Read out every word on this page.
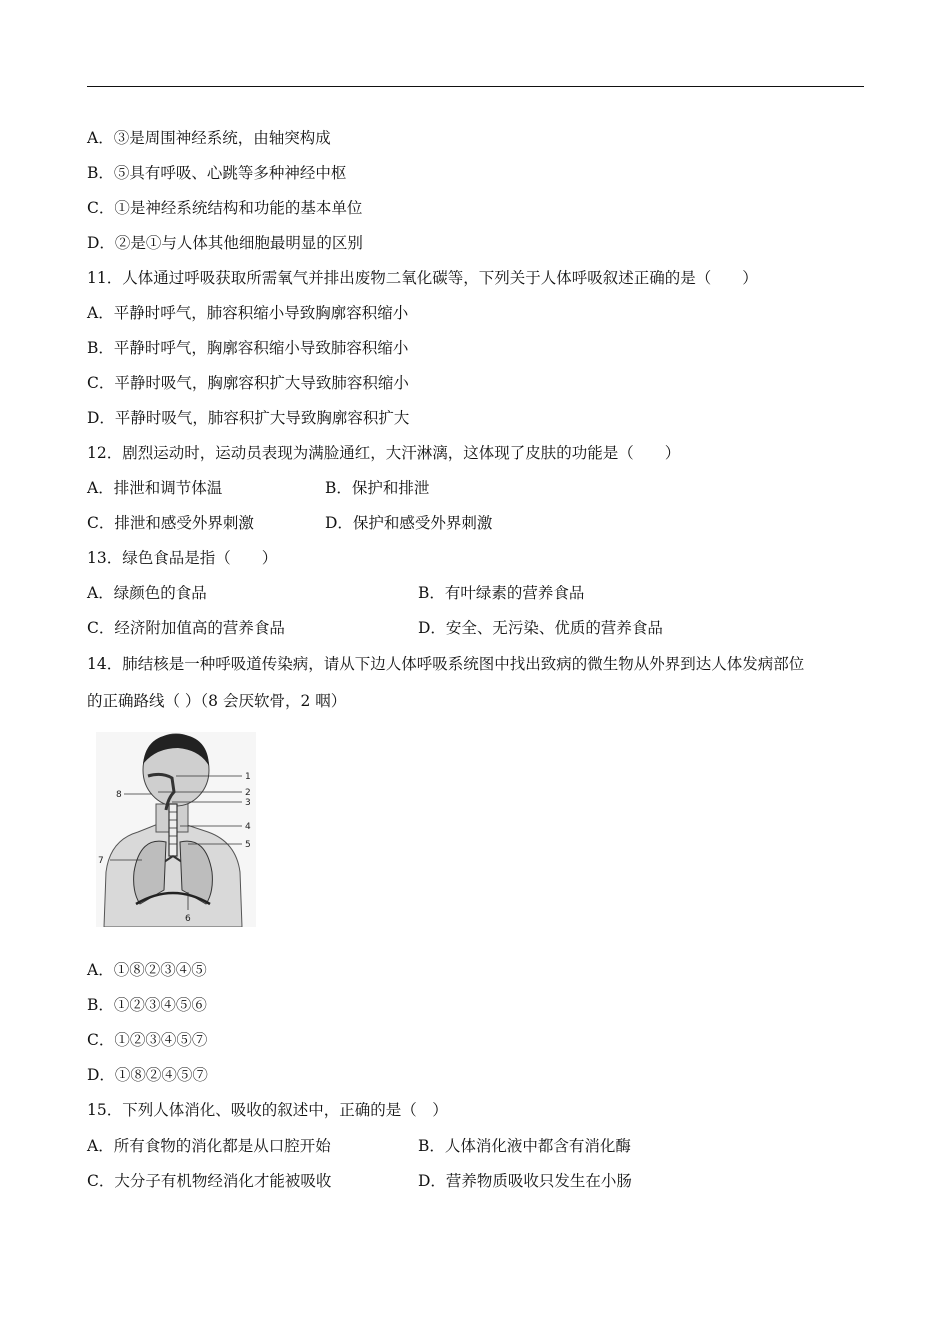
A．③是周围神经系统，由轴突构成
B．⑤具有呼吸、心跳等多种神经中枢
C．①是神经系统结构和功能的基本单位
D．②是①与人体其他细胞最明显的区别
11．人体通过呼吸获取所需氧气并排出废物二氧化碳等，下列关于人体呼吸叙述正确的是（　　）
A．平静时呼气，肺容积缩小导致胸廓容积缩小
B．平静时呼气，胸廓容积缩小导致肺容积缩小
C．平静时吸气，胸廓容积扩大导致肺容积缩小
D．平静时吸气，肺容积扩大导致胸廓容积扩大
12．剧烈运动时，运动员表现为满脸通红，大汗淋漓，这体现了皮肤的功能是（　　）
A．排泄和调节体温	B．保护和排泄
C．排泄和感受外界刺激	D．保护和感受外界刺激
13．绿色食品是指（　　）
A．绿颜色的食品	B．有叶绿素的营养食品
C．经济附加值高的营养食品	D．安全、无污染、优质的营养食品
14．肺结核是一种呼吸道传染病，请从下边人体呼吸系统图中找出致病的微生物从外界到达人体发病部位
的正确路线（ ）（8 会厌软骨，2 咽）
1
2
3
4
5
6
7
8
A．①⑧②③④⑤
B．①②③④⑤⑥
C．①②③④⑤⑦
D．①⑧②④⑤⑦
15．下列人体消化、吸收的叙述中，正确的是（　）
A．所有食物的消化都是从口腔开始	B．人体消化液中都含有消化酶
C．大分子有机物经消化才能被吸收	D．营养物质吸收只发生在小肠
